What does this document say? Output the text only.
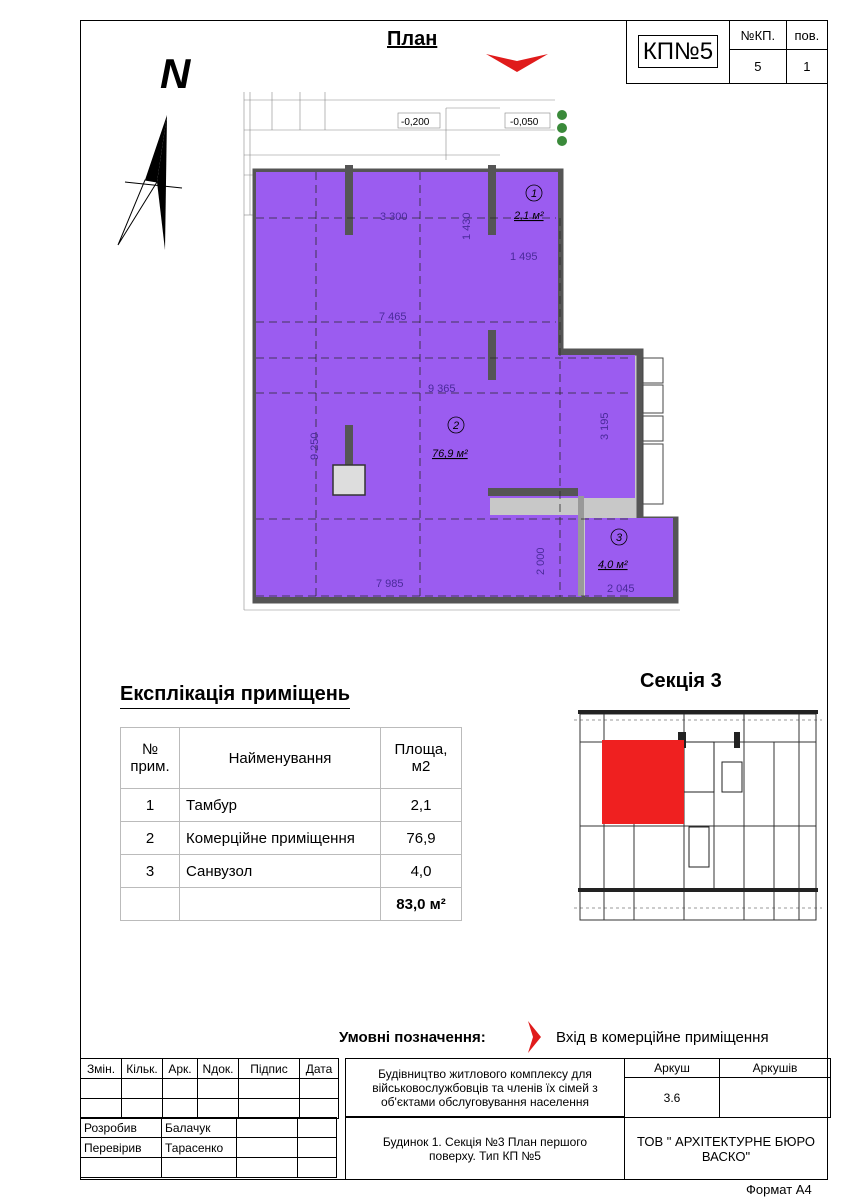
План
N	КП№5	№КП.	пов.
	5	1
3 300	1 430
1 495
7 465
9 365
3 195
9 250
2 000
7 985	2 045
-0,200	-0,050
1
2,1 м²
2
76,9 м²
3
4,0 м²
Експлікація приміщень
№ прим.	Найменування	Площа, м2
1	Тамбур	2,1
2	Комерційне приміщення	76,9
3	Санвузол	4,0
		83,0 м²
Секція 3
Умовні позначення:	Вхід в комерційне приміщення
Змін.	Кільк.	Арк.	Nдок.	Підпис	Дата

Розробив	Балачук		
Перевірив	Тарасенко		

Будівництво житлового комплексу для військовослужбовців та членів їх сімей з об'єктами обслуговування населення
Будинок 1. Секція №3 План першого поверху. Тип КП №5
Аркуш	Аркушів
3.6	
ТОВ " АРХІТЕКТУРНЕ БЮРО ВАСКО"
Формат А4
